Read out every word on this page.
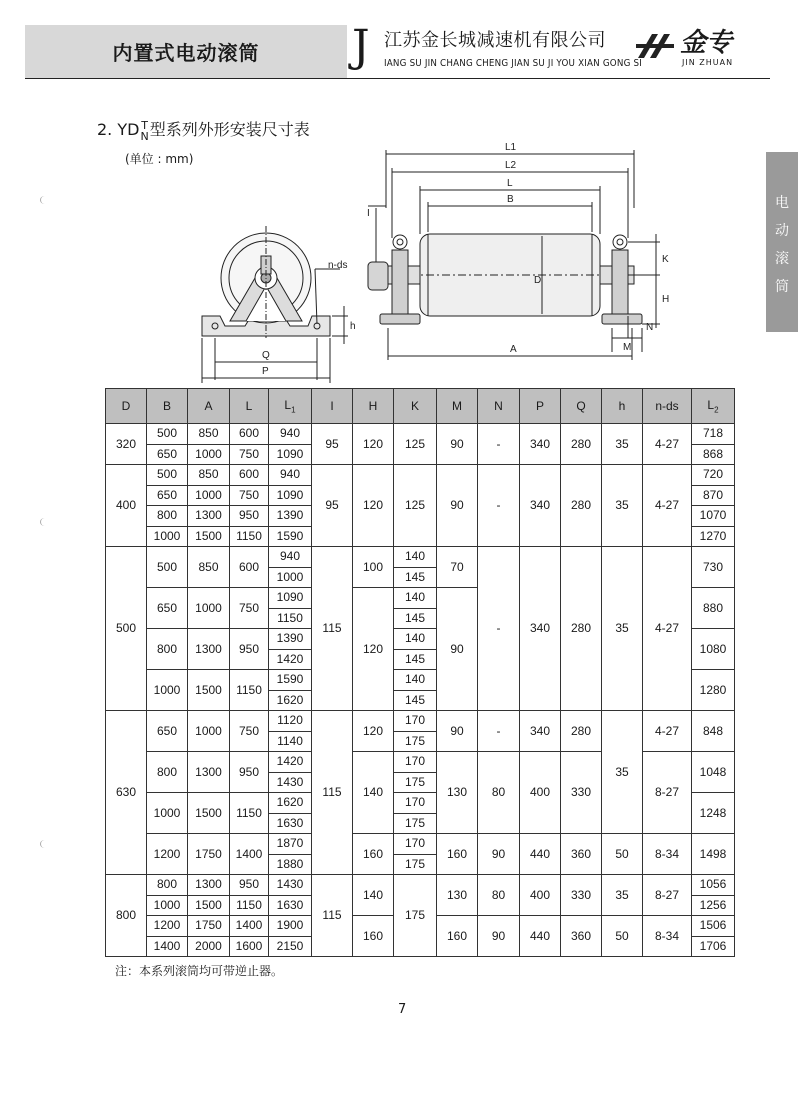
内置式电动滚筒 J 江苏金长城减速机有限公司
IANG SU JIN CHANG CHENG JIAN SU JI YOU XIAN GONG SI
金专
JIN ZHUAN
电
动
滚
筒
2. YD T
N 型系列外形安装尺寸表
(单位 : mm)
n-ds
h
Q
P
L1
L2
L
B
I
K
D
H
N
M
A
D	B	A	L	$L_1$	I	H	K	M	N	P	Q	h	n-ds	$L_2$
320	500	850	600	940	95	120	125	90	-	340	280	35	4-27	718
	650	1000	750	1090										868
400	500	850	600	940	95	120	125	90	-	340	280	35	4-27	720
	650	1000	750	1090										870
	800	1300	950	1390										1070
	1000	1500	1150	1590										1270
500	500	850	600	940	115	100	140	70	-	340	280	35	4-27	730
				1000			145							
	650	1000	750	1090		120	140	90						880
				1150			145							
	800	1300	950	1390			140							1080
				1420			145							
	1000	1500	1150	1590			140							1280
				1620			145							
630	650	1000	750	1120	115	120	170	90	-	340	280	35	4-27	848
				1140			175							
	800	1300	950	1420		140	170	130	80	400	330		8-27	1048
				1430			175							
	1000	1500	1150	1620			170							1248
				1630			175							
	1200	1750	1400	1870		160	170	160	90	440	360	50	8-34	1498
				1880			175							
800	800	1300	950	1430	115	140	175	130	80	400	330	35	8-27	1056
	1000	1500	1150	1630										1256
	1200	1750	1400	1900		160		160	90	440	360	50	8-34	1506
	1400	2000	1600	2150										1706
注：本系列滚筒均可带逆止器。
7
